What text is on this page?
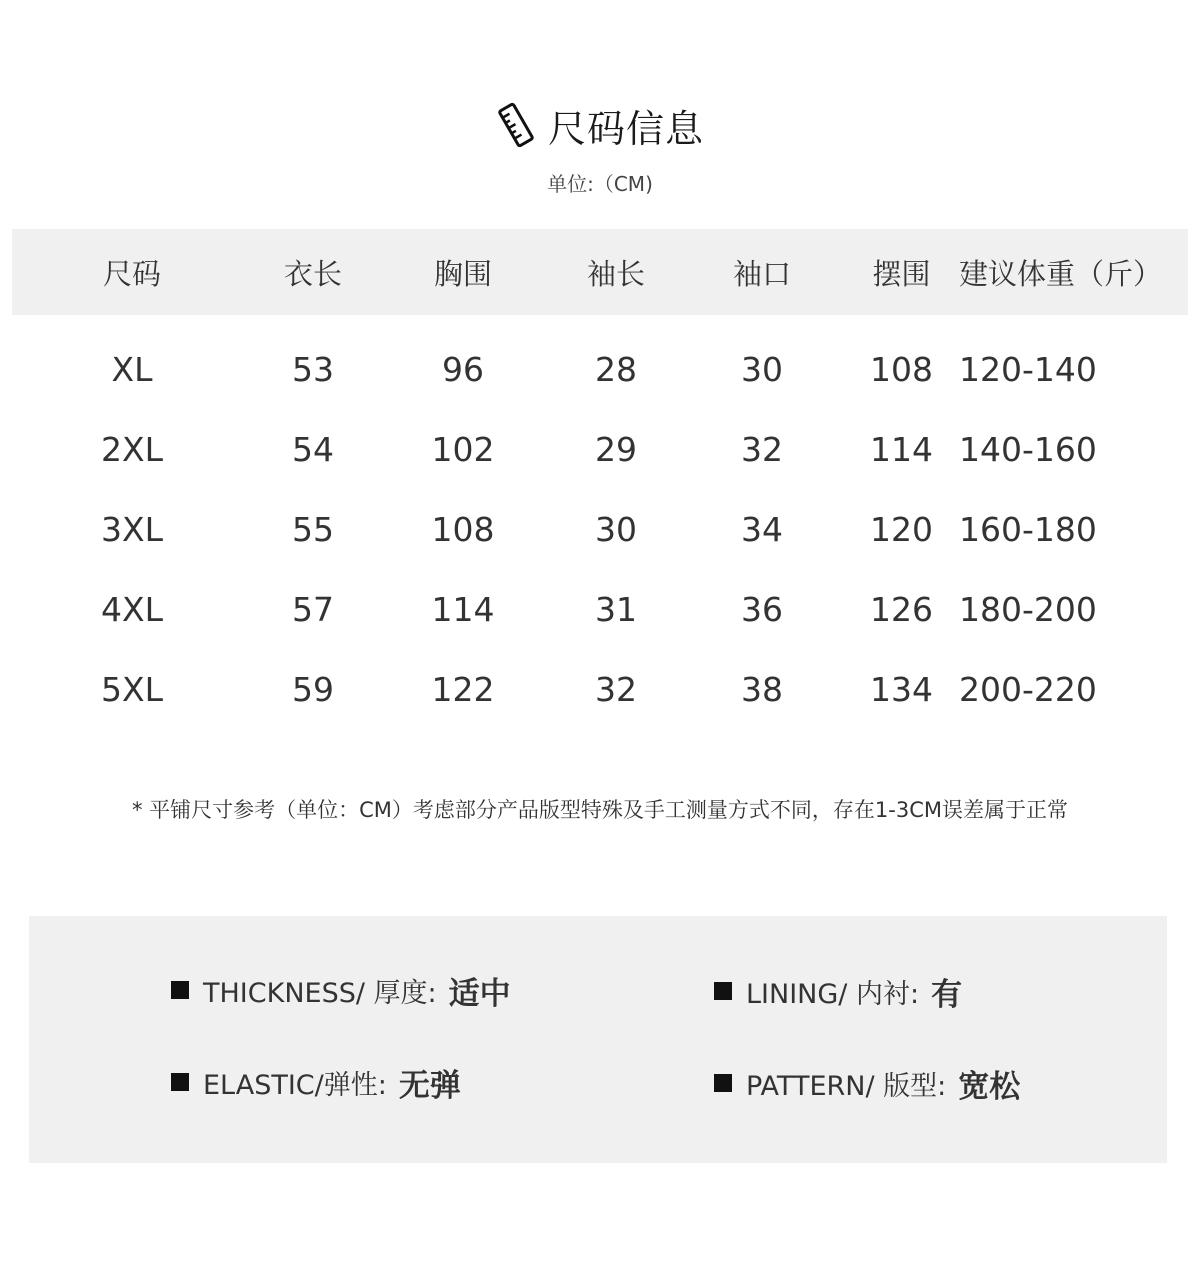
尺码信息
单位:（CM)
尺码	衣长	胸围	袖长	袖口	摆围	建议体重（斤）
XL	53	96	28	30	108	120-140
2XL	54	102	29	32	114	140-160
3XL	55	108	30	34	120	160-180
4XL	57	114	31	36	126	180-200
5XL	59	122	32	38	134	200-220
* 平铺尺寸参考（单位：CM）考虑部分产品版型特殊及手工测量方式不同，存在1-3CM误差属于正常
THICKNESS/ 厚度: 适中	LINING/ 内衬: 有
ELASTIC/弹性: 无弹	PATTERN/ 版型: 宽松
